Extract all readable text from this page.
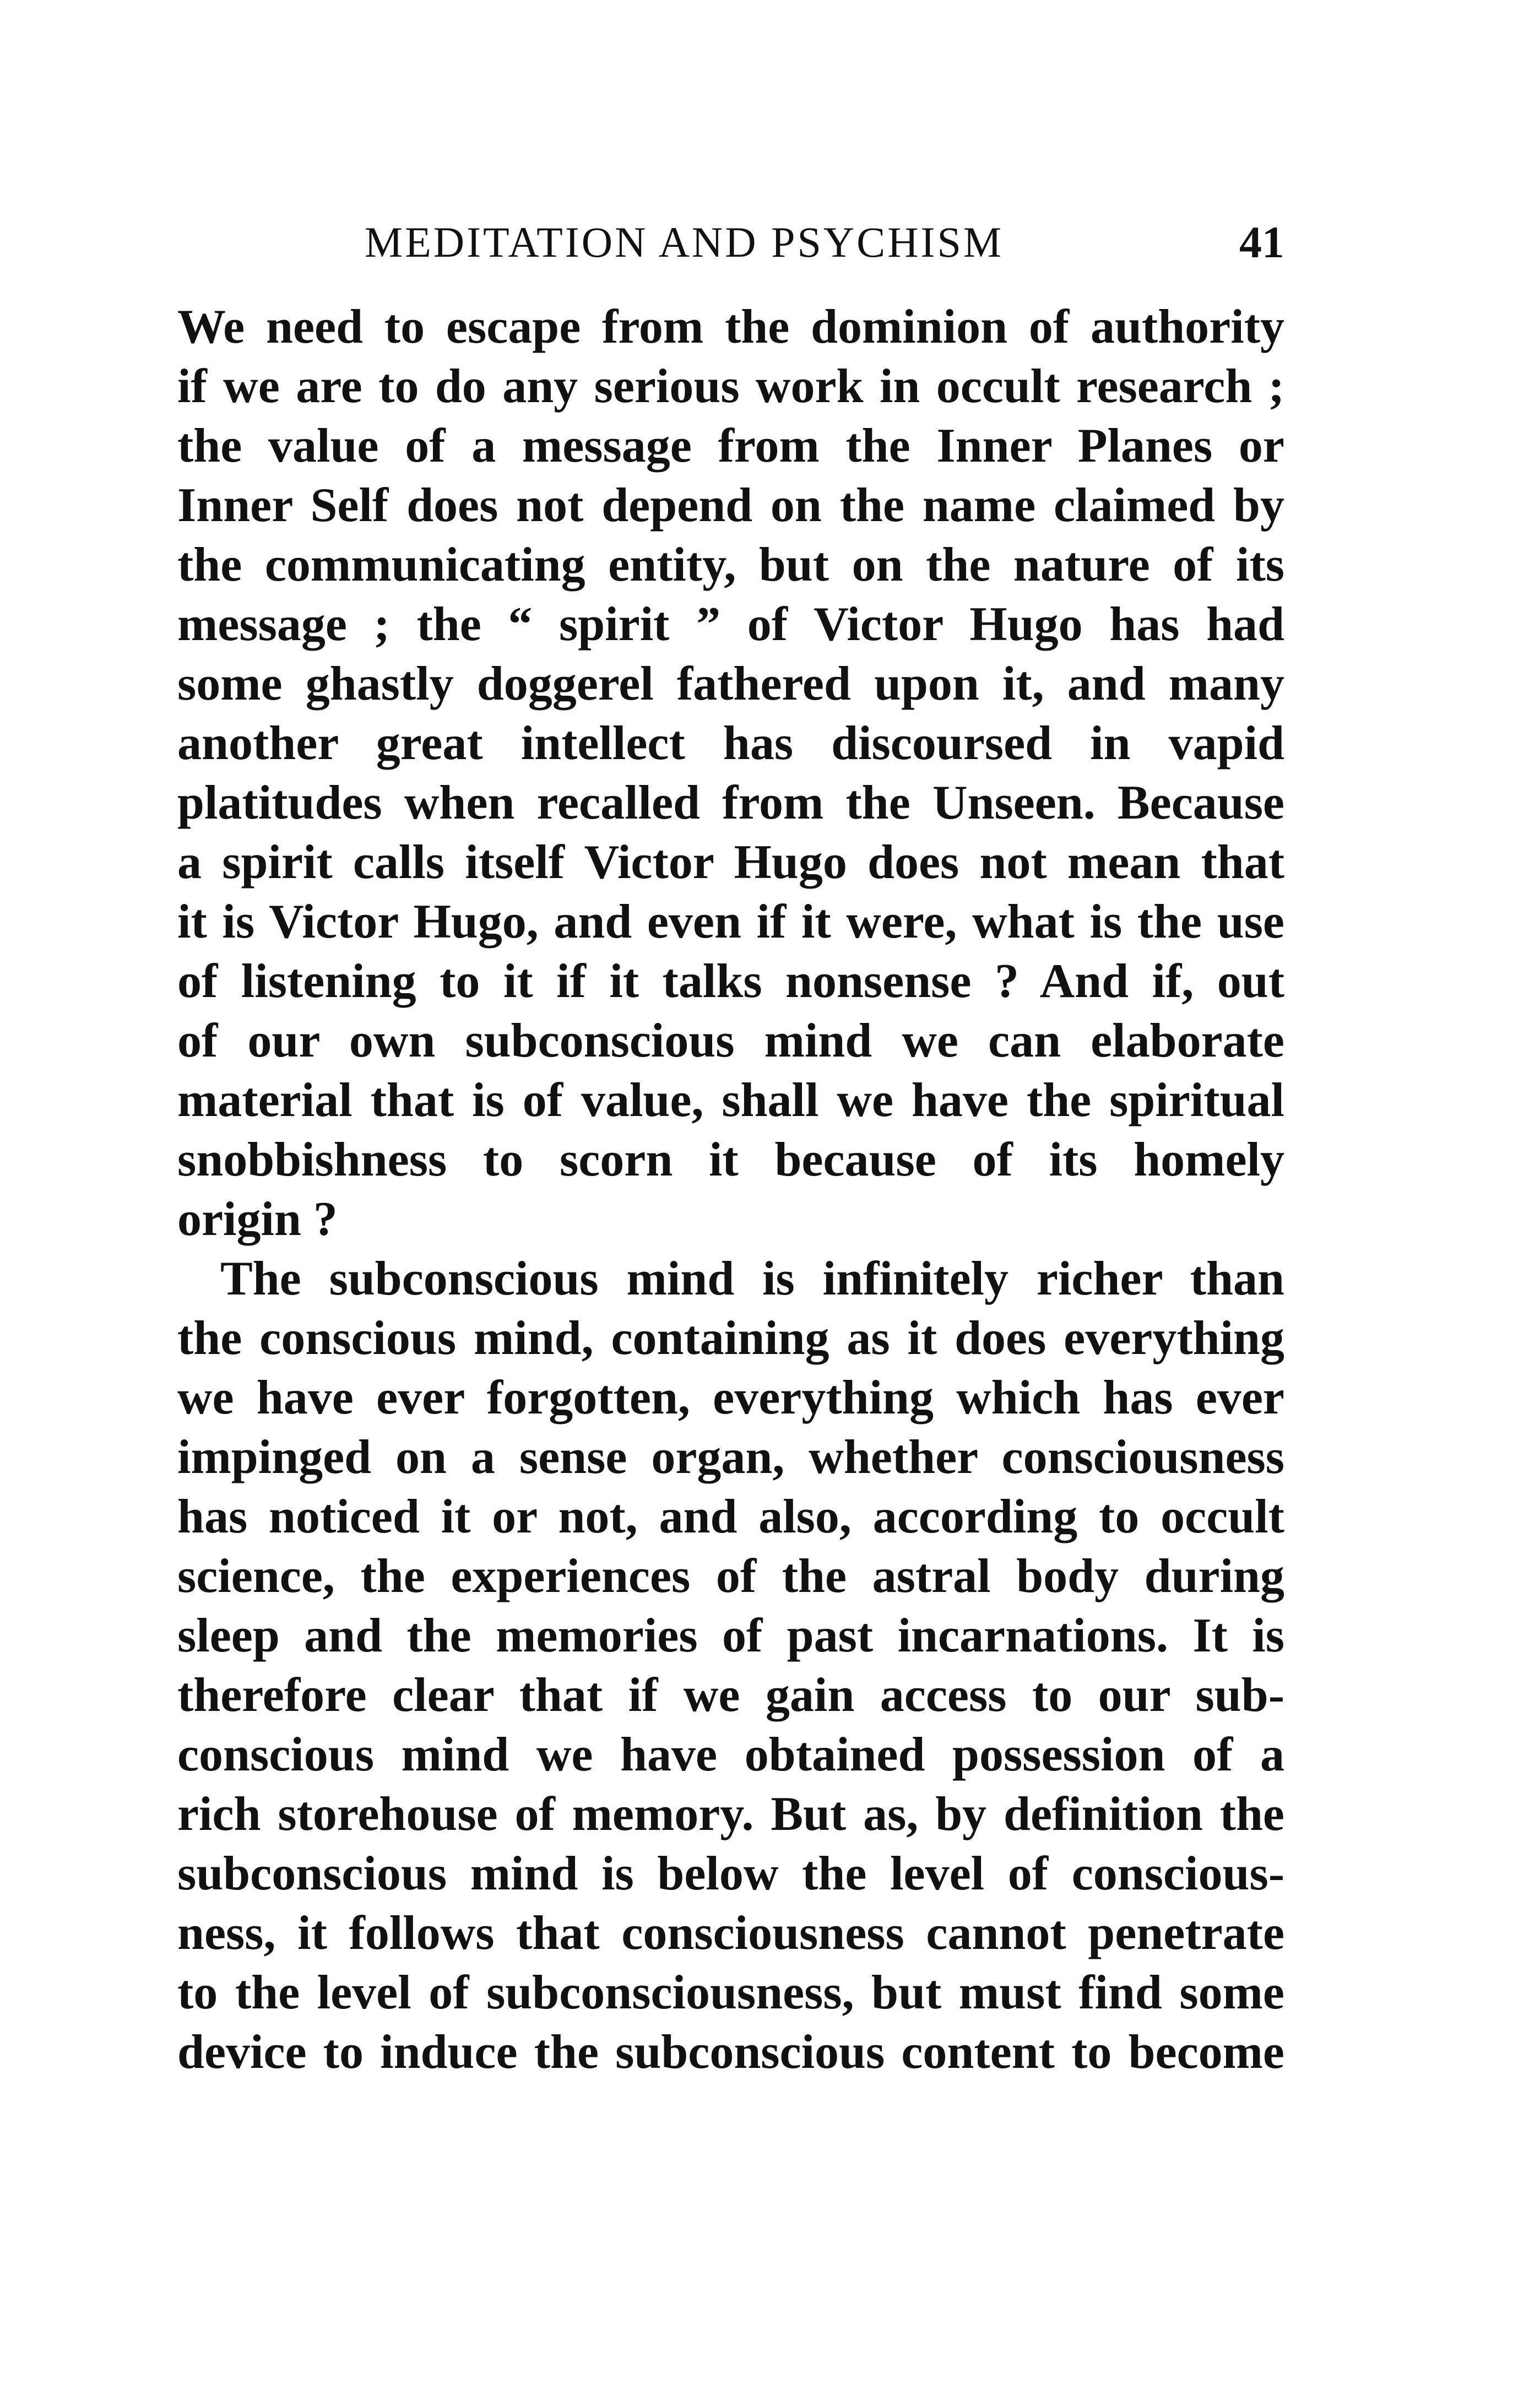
MEDITATION AND PSYCHISM	41
We need to escape from the dominion of authority
if we are to do any serious work in occult research ;
the value of a message from the Inner Planes or
Inner Self does not depend on the name claimed by
the communicating entity, but on the nature of its
message ; the “ spirit ” of Victor Hugo has had
some ghastly doggerel fathered upon it, and many
another great intellect has discoursed in vapid
platitudes when recalled from the Unseen. Because
a spirit calls itself Victor Hugo does not mean that
it is Victor Hugo, and even if it were, what is the use
of listening to it if it talks nonsense ? And if, out
of our own subconscious mind we can elaborate
material that is of value, shall we have the spiritual
snobbishness to scorn it because of its homely
origin ?
The subconscious mind is infinitely richer than
the conscious mind, containing as it does everything
we have ever forgotten, everything which has ever
impinged on a sense organ, whether consciousness
has noticed it or not, and also, according to occult
science, the experiences of the astral body during
sleep and the memories of past incarnations. It is
therefore clear that if we gain access to our sub-
conscious mind we have obtained possession of a
rich storehouse of memory. But as, by definition the
subconscious mind is below the level of conscious-
ness, it follows that consciousness cannot penetrate
to the level of subconsciousness, but must find some
device to induce the subconscious content to become
